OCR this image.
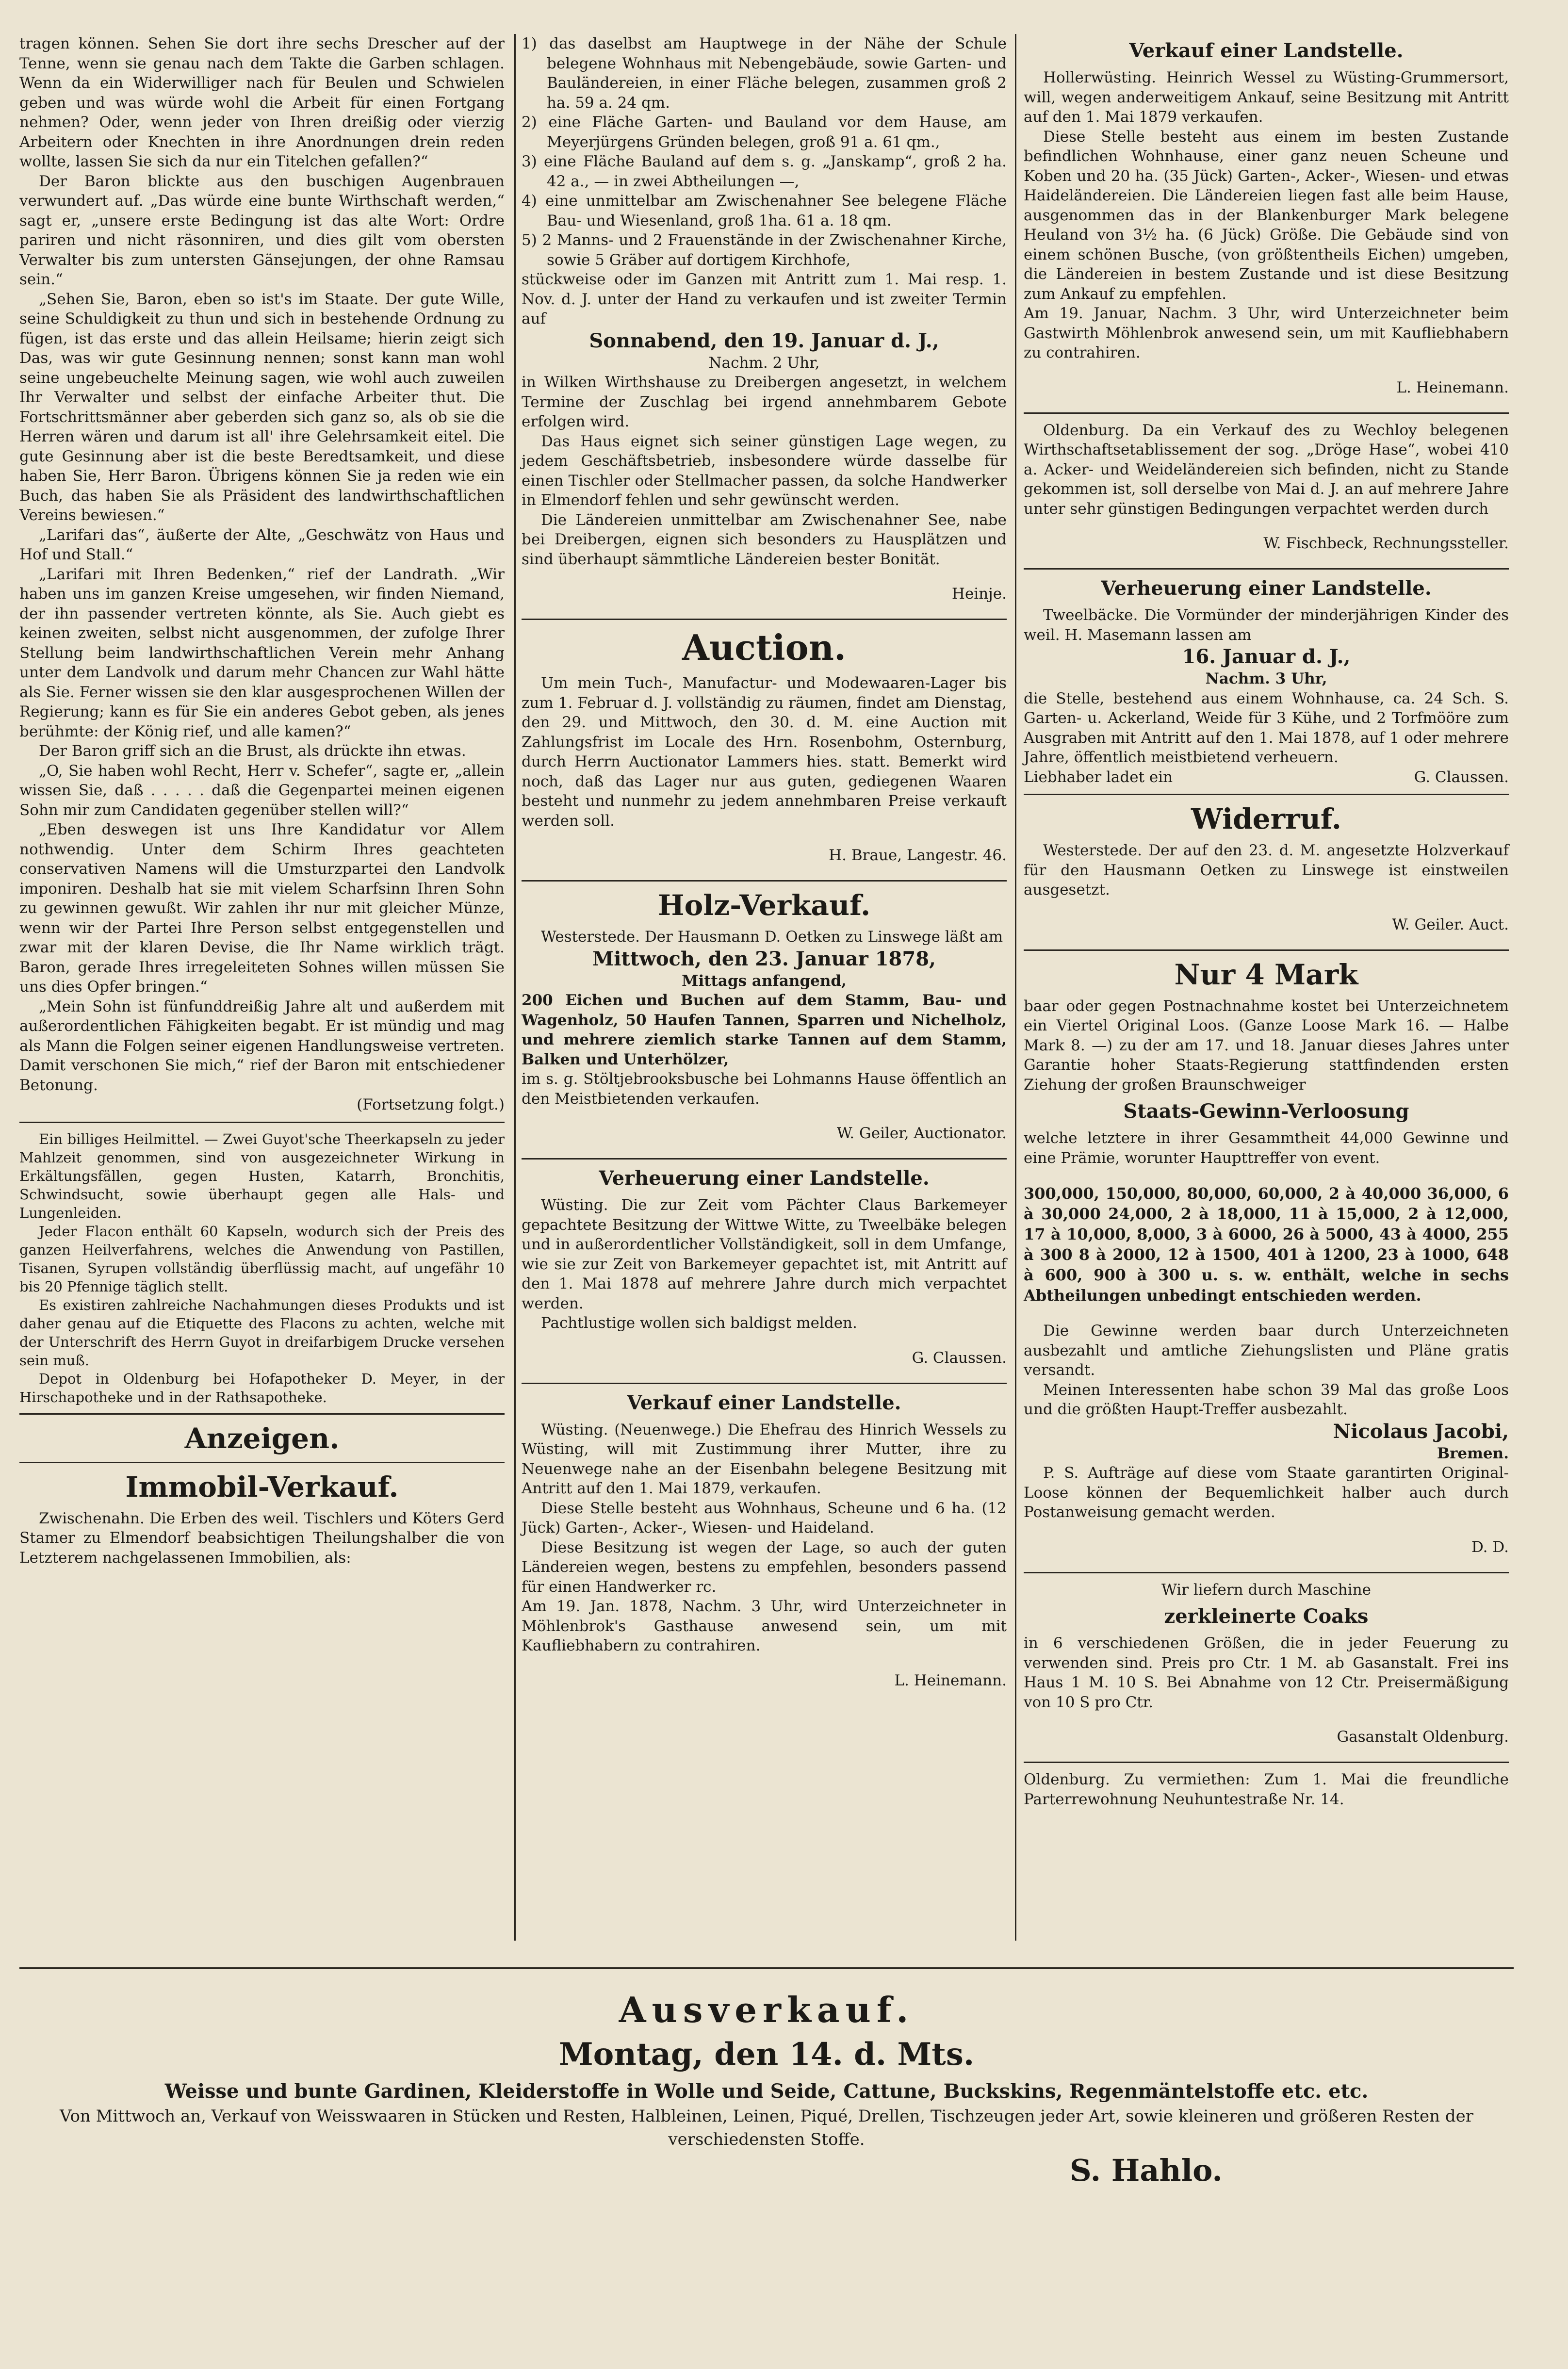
tragen können. Sehen Sie dort ihre sechs Drescher auf der Tenne, wenn sie genau nach dem Takte die Garben schlagen. Wenn da ein Widerwilliger nach für Beulen und Schwielen geben und was würde wohl die Arbeit für einen Fortgang nehmen? Oder, wenn jeder von Ihren dreißig oder vierzig Arbeitern oder Knechten in ihre Anordnungen drein reden wollte, lassen Sie sich da nur ein Titelchen gefallen?“

Der Baron blickte aus den buschigen Augenbrauen verwundert auf. „Das würde eine bunte Wirthschaft werden,“ sagt er, „unsere erste Bedingung ist das alte Wort: Ordre pariren und nicht räsonniren, und dies gilt vom obersten Verwalter bis zum untersten Gänsejungen, der ohne Ramsau sein.“

„Sehen Sie, Baron, eben so ist's im Staate. Der gute Wille, seine Schuldigkeit zu thun und sich in bestehende Ordnung zu fügen, ist das erste und das allein Heilsame; hierin zeigt sich Das, was wir gute Gesinnung nennen; sonst kann man wohl seine ungebeuchelte Meinung sagen, wie wohl auch zuweilen Ihr Verwalter und selbst der einfache Arbeiter thut. Die Fortschrittsmänner aber geberden sich ganz so, als ob sie die Herren wären und darum ist all' ihre Gelehrsamkeit eitel. Die gute Gesinnung aber ist die beste Beredtsamkeit, und diese haben Sie, Herr Baron. Übrigens können Sie ja reden wie ein Buch, das haben Sie als Präsident des landwirthschaftlichen Vereins bewiesen.“

„Larifari das“, äußerte der Alte, „Geschwätz von Haus und Hof und Stall.“

„Larifari mit Ihren Bedenken,“ rief der Landrath. „Wir haben uns im ganzen Kreise umgesehen, wir finden Niemand, der ihn passender vertreten könnte, als Sie. Auch giebt es keinen zweiten, selbst nicht ausgenommen, der zufolge Ihrer Stellung beim landwirthschaftlichen Verein mehr Anhang unter dem Landvolk und darum mehr Chancen zur Wahl hätte als Sie. Ferner wissen sie den klar ausgesprochenen Willen der Regierung; kann es für Sie ein anderes Gebot geben, als jenes berühmte: der König rief, und alle kamen?“

Der Baron griff sich an die Brust, als drückte ihn etwas.

„O, Sie haben wohl Recht, Herr v. Schefer“, sagte er, „allein wissen Sie, daß . . . . . daß die Gegenpartei meinen eigenen Sohn mir zum Candidaten gegenüber stellen will?“

„Eben deswegen ist uns Ihre Kandidatur vor Allem nothwendig. Unter dem Schirm Ihres geachteten conservativen Namens will die Umsturzpartei den Landvolk imponiren. Deshalb hat sie mit vielem Scharfsinn Ihren Sohn zu gewinnen gewußt. Wir zahlen ihr nur mit gleicher Münze, wenn wir der Partei Ihre Person selbst entgegenstellen und zwar mit der klaren Devise, die Ihr Name wirklich trägt. Baron, gerade Ihres irregeleiteten Sohnes willen müssen Sie uns dies Opfer bringen.“

„Mein Sohn ist fünfunddreißig Jahre alt und außerdem mit außerordentlichen Fähigkeiten begabt. Er ist mündig und mag als Mann die Folgen seiner eigenen Handlungsweise vertreten. Damit verschonen Sie mich,“ rief der Baron mit entschiedener Betonung.

(Fortsetzung folgt.)

Ein billiges Heilmittel. — Zwei Guyot'sche Theerkapseln zu jeder Mahlzeit genommen, sind von ausgezeichneter Wirkung in Erkältungsfällen, gegen Husten, Katarrh, Bronchitis, Schwindsucht, sowie überhaupt gegen alle Hals- und Lungenleiden.

Jeder Flacon enthält 60 Kapseln, wodurch sich der Preis des ganzen Heilverfahrens, welches die Anwendung von Pastillen, Tisanen, Syrupen vollständig überflüssig macht, auf ungefähr 10 bis 20 Pfennige täglich stellt.

Es existiren zahlreiche Nachahmungen dieses Produkts und ist daher genau auf die Etiquette des Flacons zu achten, welche mit der Unterschrift des Herrn Guyot in dreifarbigem Drucke versehen sein muß.

Depot in Oldenburg bei Hofapotheker D. Meyer, in der Hirschapotheke und in der Rathsapotheke.

Anzeigen.
Immobil-Verkauf.

Zwischenahn. Die Erben des weil. Tischlers und Köters Gerd Stamer zu Elmendorf beabsichtigen Theilungshalber die von Letzterem nachgelassenen Immobilien, als:

1) das daselbst am Hauptwege in der Nähe der Schule belegene Wohnhaus mit Nebengebäude, sowie Garten- und Bauländereien, in einer Fläche belegen, zusammen groß 2 ha. 59 a. 24 qm.

2) eine Fläche Garten- und Bauland vor dem Hause, am Meyerjürgens Gründen belegen, groß 91 a. 61 qm.,

3) eine Fläche Bauland auf dem s. g. „Janskamp“, groß 2 ha. 42 a., — in zwei Abtheilungen —,

4) eine unmittelbar am Zwischenahner See belegene Fläche Bau- und Wiesenland, groß 1ha. 61 a. 18 qm.

5) 2 Manns- und 2 Frauenstände in der Zwischenahner Kirche, sowie 5 Gräber auf dortigem Kirchhofe,

stückweise oder im Ganzen mit Antritt zum 1. Mai resp. 1. Nov. d. J. unter der Hand zu verkaufen und ist zweiter Termin auf

Sonnabend, den 19. Januar d. J.,

Nachm. 2 Uhr,

in Wilken Wirthshause zu Dreibergen angesetzt, in welchem Termine der Zuschlag bei irgend annehmbarem Gebote erfolgen wird.

Das Haus eignet sich seiner günstigen Lage wegen, zu jedem Geschäftsbetrieb, insbesondere würde dasselbe für einen Tischler oder Stellmacher passen, da solche Handwerker in Elmendorf fehlen und sehr gewünscht werden.

Die Ländereien unmittelbar am Zwischenahner See, nabe bei Dreibergen, eignen sich besonders zu Hausplätzen und sind überhaupt sämmtliche Ländereien bester Bonität.

Heinje.

Auction.

Um mein Tuch-, Manufactur- und Modewaaren-Lager bis zum 1. Februar d. J. vollständig zu räumen, findet am Dienstag, den 29. und Mittwoch, den 30. d. M. eine Auction mit Zahlungsfrist im Locale des Hrn. Rosenbohm, Osternburg, durch Herrn Auctionator Lammers hies. statt. Bemerkt wird noch, daß das Lager nur aus guten, gediegenen Waaren besteht und nunmehr zu jedem annehmbaren Preise verkauft werden soll.

H. Braue, Langestr. 46.

Holz-Verkauf.

Westerstede. Der Hausmann D. Oetken zu Linswege läßt am

Mittwoch, den 23. Januar 1878,

Mittags anfangend,

200 Eichen und Buchen auf dem Stamm, Bau- und Wagenholz, 50 Haufen Tannen, Sparren und Nichelholz, und mehrere ziemlich starke Tannen auf dem Stamm, Balken und Unterhölzer,

im s. g. Stöltjebrooksbusche bei Lohmanns Hause öffentlich an den Meistbietenden verkaufen.

W. Geiler, Auctionator.

Verheuerung einer Landstelle.

Wüsting. Die zur Zeit vom Pächter Claus Barkemeyer gepachtete Besitzung der Wittwe Witte, zu Tweelbäke belegen und in außerordentlicher Vollständigkeit, soll in dem Umfange, wie sie zur Zeit von Barkemeyer gepachtet ist, mit Antritt auf den 1. Mai 1878 auf mehrere Jahre durch mich verpachtet werden.

Pachtlustige wollen sich baldigst melden.

G. Claussen.

Verkauf einer Landstelle.

Wüsting. (Neuenwege.) Die Ehefrau des Hinrich Wessels zu Wüsting, will mit Zustimmung ihrer Mutter, ihre zu Neuenwege nahe an der Eisenbahn belegene Besitzung mit Antritt auf den 1. Mai 1879, verkaufen.

Diese Stelle besteht aus Wohnhaus, Scheune und 6 ha. (12 Jück) Garten-, Acker-, Wiesen- und Haideland.

Diese Besitzung ist wegen der Lage, so auch der guten Ländereien wegen, bestens zu empfehlen, besonders passend für einen Handwerker rc.

Am 19. Jan. 1878, Nachm. 3 Uhr, wird Unterzeichneter in Möhlenbrok's Gasthause anwesend sein, um mit Kaufliebhabern zu contrahiren.

L. Heinemann.

Verkauf einer Landstelle.

Hollerwüsting. Heinrich Wessel zu Wüsting-Grummersort, will, wegen anderweitigem Ankauf, seine Besitzung mit Antritt auf den 1. Mai 1879 verkaufen.

Diese Stelle besteht aus einem im besten Zustande befindlichen Wohnhause, einer ganz neuen Scheune und Koben und 20 ha. (35 Jück) Garten-, Acker-, Wiesen- und etwas Haideländereien. Die Ländereien liegen fast alle beim Hause, ausgenommen das in der Blankenburger Mark belegene Heuland von 3½ ha. (6 Jück) Größe. Die Gebäude sind von einem schönen Busche, (von größtentheils Eichen) umgeben, die Ländereien in bestem Zustande und ist diese Besitzung zum Ankauf zu empfehlen.

Am 19. Januar, Nachm. 3 Uhr, wird Unterzeichneter beim Gastwirth Möhlenbrok anwesend sein, um mit Kaufliebhabern zu contrahiren.

L. Heinemann.

Oldenburg. Da ein Verkauf des zu Wechloy belegenen Wirthschaftsetablissement der sog. „Dröge Hase“, wobei 410 a. Acker- und Weideländereien sich befinden, nicht zu Stande gekommen ist, soll derselbe von Mai d. J. an auf mehrere Jahre unter sehr günstigen Bedingungen verpachtet werden durch

W. Fischbeck, Rechnungssteller.

Verheuerung einer Landstelle.

Tweelbäcke. Die Vormünder der minderjährigen Kinder des weil. H. Masemann lassen am

16. Januar d. J.,

Nachm. 3 Uhr,

die Stelle, bestehend aus einem Wohnhause, ca. 24 Sch. S. Garten- u. Ackerland, Weide für 3 Kühe, und 2 Torfmööre zum Ausgraben mit Antritt auf den 1. Mai 1878, auf 1 oder mehrere Jahre, öffentlich meistbietend verheuern.

Liebhaber ladet ein	G. Claussen.
Widerruf.

Westerstede. Der auf den 23. d. M. angesetzte Holzverkauf für den Hausmann Oetken zu Linswege ist einstweilen ausgesetzt.

W. Geiler. Auct.

Nur 4 Mark

baar oder gegen Postnachnahme kostet bei Unterzeichnetem ein Viertel Original Loos. (Ganze Loose Mark 16. — Halbe Mark 8. —) zu der am 17. und 18. Januar dieses Jahres unter Garantie hoher Staats-Regierung stattfindenden ersten Ziehung der großen Braunschweiger

Staats-Gewinn-Verloosung

welche letztere in ihrer Gesammtheit 44,000 Gewinne und eine Prämie, worunter Haupttreffer von event.

300,000, 150,000, 80,000, 60,000, 2 à 40,000 36,000, 6 à 30,000 24,000, 2 à 18,000, 11 à 15,000, 2 à 12,000, 17 à 10,000, 8,000, 3 à 6000, 26 à 5000, 43 à 4000, 255 à 300 8 à 2000, 12 à 1500, 401 à 1200, 23 à 1000, 648 à 600, 900 à 300 u. s. w. enthält, welche in sechs Abtheilungen unbedingt entschieden werden.

Die Gewinne werden baar durch Unterzeichneten ausbezahlt und amtliche Ziehungslisten und Pläne gratis versandt.

Meinen Interessenten habe schon 39 Mal das große Loos und die größten Haupt-Treffer ausbezahlt.

Nicolaus Jacobi,

Bremen.

P. S. Aufträge auf diese vom Staate garantirten Original-Loose können der Bequemlichkeit halber auch durch Postanweisung gemacht werden.

D. D.

Wir liefern durch Maschine

zerkleinerte Coaks

in 6 verschiedenen Größen, die in jeder Feuerung zu verwenden sind. Preis pro Ctr. 1 M. ab Gasanstalt. Frei ins Haus 1 M. 10 S. Bei Abnahme von 12 Ctr. Preisermäßigung von 10 S pro Ctr.

Gasanstalt Oldenburg.

Oldenburg. Zu vermiethen: Zum 1. Mai die freundliche Parterrewohnung Neuhuntestraße Nr. 14.

Ausverkauf.
Montag, den 14. d. Mts.

Weisse und bunte Gardinen, Kleiderstoffe in Wolle und Seide, Cattune, Buckskins, Regenmäntelstoffe etc. etc.

Von Mittwoch an, Verkauf von Weisswaaren in Stücken und Resten, Halbleinen, Leinen, Piqué, Drellen, Tischzeugen jeder Art, sowie kleineren und größeren Resten der verschiedensten Stoffe.

S. Hahlo.
